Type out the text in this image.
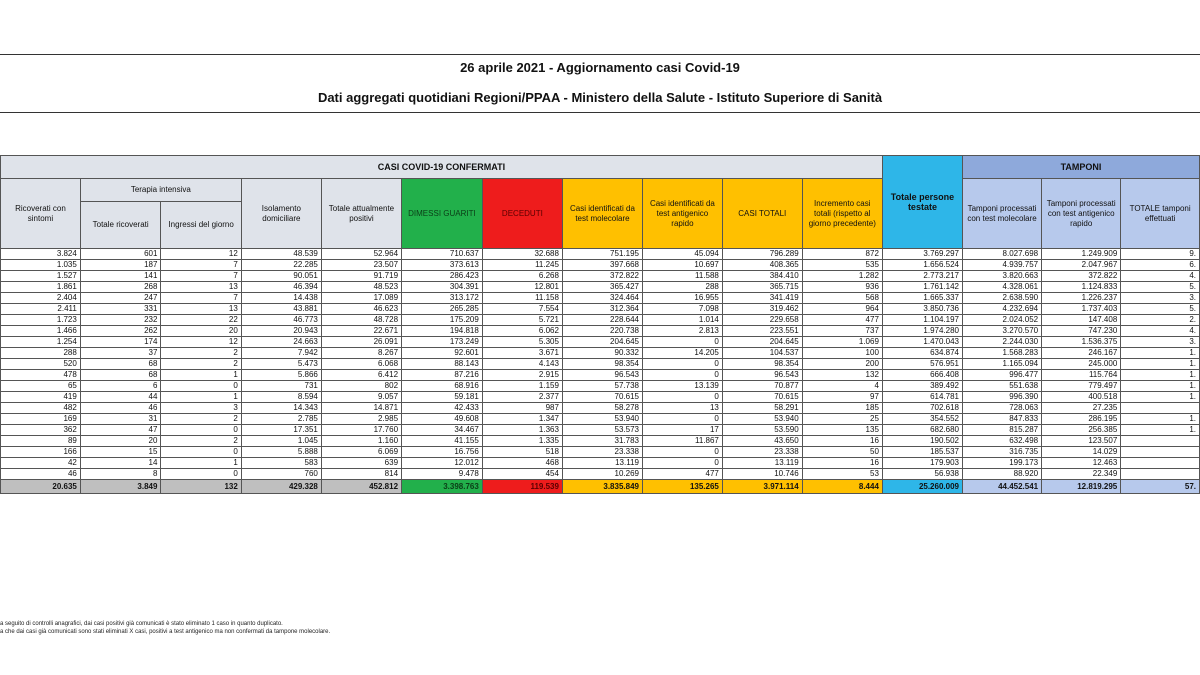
26 aprile 2021 - Aggiornamento casi Covid-19
Dati aggregati quotidiani Regioni/PPAA - Ministero della Salute - Istituto Superiore di Sanità
CASI COVID-19 CONFERMATI											Totale persone testate	TAMPONI		
Ricoverati con sintomi	Terapia intensiva		Isolamento domiciliare	Totale attualmente positivi	DIMESSI GUARITI	DECEDUTI	Casi identificati da test molecolare	Casi identificati da test antigenico rapido	CASI TOTALI	Incremento casi totali (rispetto al giorno precedente)		Tamponi processati con test molecolare	Tamponi processati con test antigenico rapido	TOTALE tamponi effettuati
	Totale ricoverati	Ingressi del giorno												
3.824	601	12	48.539	52.964	710.637	32.688	751.195	45.094	796.289	872	3.769.297	8.027.698	1.249.909	9.
1.035	187	7	22.285	23.507	373.613	11.245	397.668	10.697	408.365	535	1.656.524	4.939.757	2.047.967	6.
1.527	141	7	90.051	91.719	286.423	6.268	372.822	11.588	384.410	1.282	2.773.217	3.820.663	372.822	4.
1.861	268	13	46.394	48.523	304.391	12.801	365.427	288	365.715	936	1.761.142	4.328.061	1.124.833	5.
2.404	247	7	14.438	17.089	313.172	11.158	324.464	16.955	341.419	568	1.665.337	2.638.590	1.226.237	3.
2.411	331	13	43.881	46.623	265.285	7.554	312.364	7.098	319.462	964	3.850.736	4.232.694	1.737.403	5.
1.723	232	22	46.773	48.728	175.209	5.721	228.644	1.014	229.658	477	1.104.197	2.024.052	147.408	2.
1.466	262	20	20.943	22.671	194.818	6.062	220.738	2.813	223.551	737	1.974.280	3.270.570	747.230	4.
1.254	174	12	24.663	26.091	173.249	5.305	204.645	0	204.645	1.069	1.470.043	2.244.030	1.536.375	3.
288	37	2	7.942	8.267	92.601	3.671	90.332	14.205	104.537	100	634.874	1.568.283	246.167	1.
520	68	2	5.473	6.068	88.143	4.143	98.354	0	98.354	200	576.951	1.165.094	245.000	1.
478	68	1	5.866	6.412	87.216	2.915	96.543	0	96.543	132	666.408	996.477	115.764	1.
65	6	0	731	802	68.916	1.159	57.738	13.139	70.877	4	389.492	551.638	779.497	1.
419	44	1	8.594	9.057	59.181	2.377	70.615	0	70.615	97	614.781	996.390	400.518	1.
482	46	3	14.343	14.871	42.433	987	58.278	13	58.291	185	702.618	728.063	27.235	
169	31	2	2.785	2.985	49.608	1.347	53.940	0	53.940	25	354.552	847.833	286.195	1.
362	47	0	17.351	17.760	34.467	1.363	53.573	17	53.590	135	682.680	815.287	256.385	1.
89	20	2	1.045	1.160	41.155	1.335	31.783	11.867	43.650	16	190.502	632.498	123.507	
166	15	0	5.888	6.069	16.756	518	23.338	0	23.338	50	185.537	316.735	14.029	
42	14	1	583	639	12.012	468	13.119	0	13.119	16	179.903	199.173	12.463	
46	8	0	760	814	9.478	454	10.269	477	10.746	53	56.938	88.920	22.349	
20.635	3.849	132	429.328	452.812	3.398.763	119.539	3.835.849	135.265	3.971.114	8.444	25.260.009	44.452.541	12.819.295	57.
a seguito di controlli anagrafici, dai casi positivi già comunicati è stato eliminato 1 caso in quanto duplicato.
a che dai casi già comunicati sono stati eliminati X casi, positivi a test antigenico ma non confermati da tampone molecolare.
